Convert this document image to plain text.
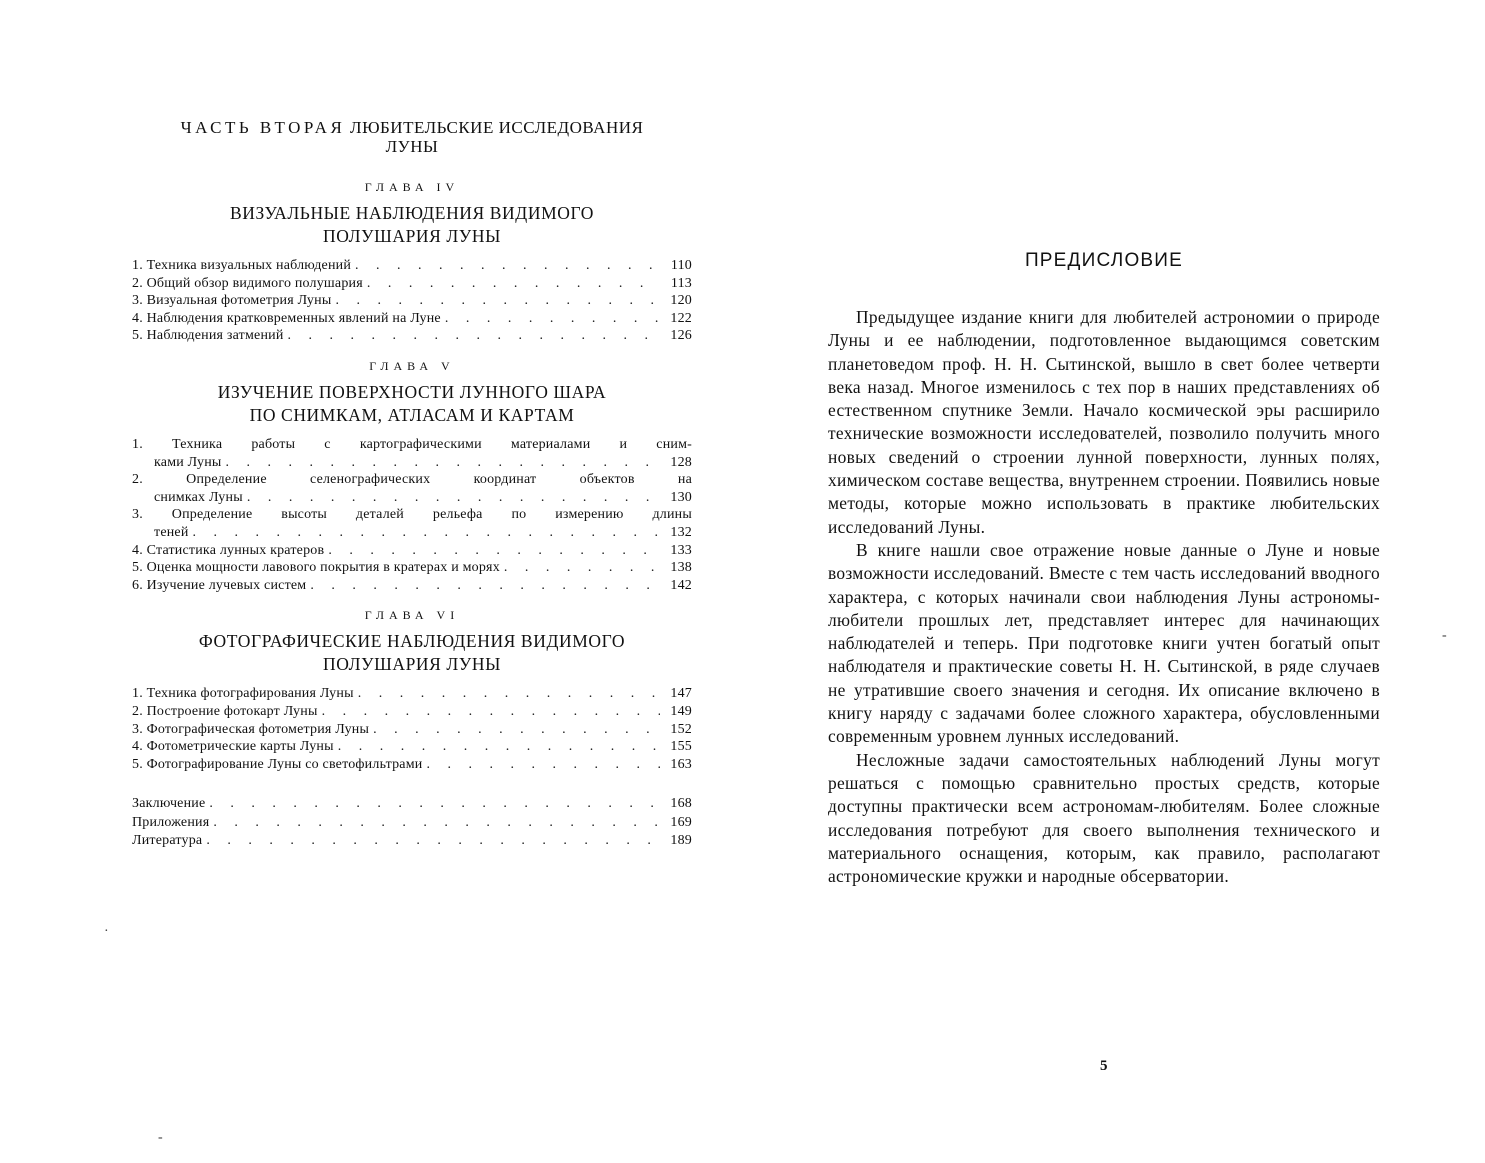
ЧАСТЬ ВТОРАЯ ЛЮБИТЕЛЬСКИЕ ИССЛЕДОВАНИЯ
ЛУНЫ
ГЛАВА IV
ВИЗУАЛЬНЫЕ НАБЛЮДЕНИЯ ВИДИМОГО
ПОЛУШАРИЯ ЛУНЫ
1. Техника визуальных наблюдений . . .	110
2. Общий обзор видимого полушария . . .	113
3. Визуальная фотометрия Луны . . .	120
4. Наблюдения кратковременных явлений на Луне . . .	122
5. Наблюдения затмений . . .	126
ГЛАВА V
ИЗУЧЕНИЕ ПОВЕРХНОСТИ ЛУННОГО ШАРА
ПО СНИМКАМ, АТЛАСАМ И КАРТАМ
1. Техника работы с картографическими материалами и сним-
ками Луны . . .	128
2. Определение селенографических координат объектов на
снимках Луны . . .	130
3. Определение высоты деталей рельефа по измерению длины
теней . . .	132
4. Статистика лунных кратеров . . .	133
5. Оценка мощности лавового покрытия в кратерах и морях . . .	138
6. Изучение лучевых систем . . .	142
ГЛАВА VI
ФОТОГРАФИЧЕСКИЕ НАБЛЮДЕНИЯ ВИДИМОГО
ПОЛУШАРИЯ ЛУНЫ
1. Техника фотографирования Луны . . .	147
2. Построение фотокарт Луны . . .	149
3. Фотографическая фотометрия Луны . . .	152
4. Фотометрические карты Луны . . .	155
5. Фотографирование Луны со светофильтрами . . .	163
Заключение . . .	168
Приложения . . .	169
Литература . . .	189
ПРЕДИСЛОВИЕ

Предыдущее издание книги для любителей астрономии о природе Луны и ее наблюдении, подготовленное выдающимся советским планетоведом проф. Н. Н. Сытинской, вышло в свет более четверти века назад. Многое изменилось с тех пор в наших представлениях об естественном спутнике Земли. Начало космической эры расширило технические возможности исследователей, позволило получить много новых сведений о строении лунной поверхности, лунных полях, химическом составе вещества, внутреннем строении. Появились новые методы, которые можно использовать в практике любительских исследований Луны.

В книге нашли свое отражение новые данные о Луне и новые возможности исследований. Вместе с тем часть исследований вводного характера, с которых начинали свои наблюдения Луны астрономы-любители прошлых лет, представляет интерес для начинающих наблюдателей и теперь. При подготовке книги учтен богатый опыт наблюдателя и практические советы Н. Н. Сытинской, в ряде случаев не утратившие своего значения и сегодня. Их описание включено в книгу наряду с задачами более сложного характера, обусловленными современным уровнем лунных исследований.

Несложные задачи самостоятельных наблюдений Луны могут решаться с помощью сравнительно простых средств, которые доступны практически всем астрономам-любителям. Более сложные исследования потребуют для своего выполнения технического и материального оснащения, которым, как правило, располагают астрономические кружки и народные обсерватории.

5
·
-
-
